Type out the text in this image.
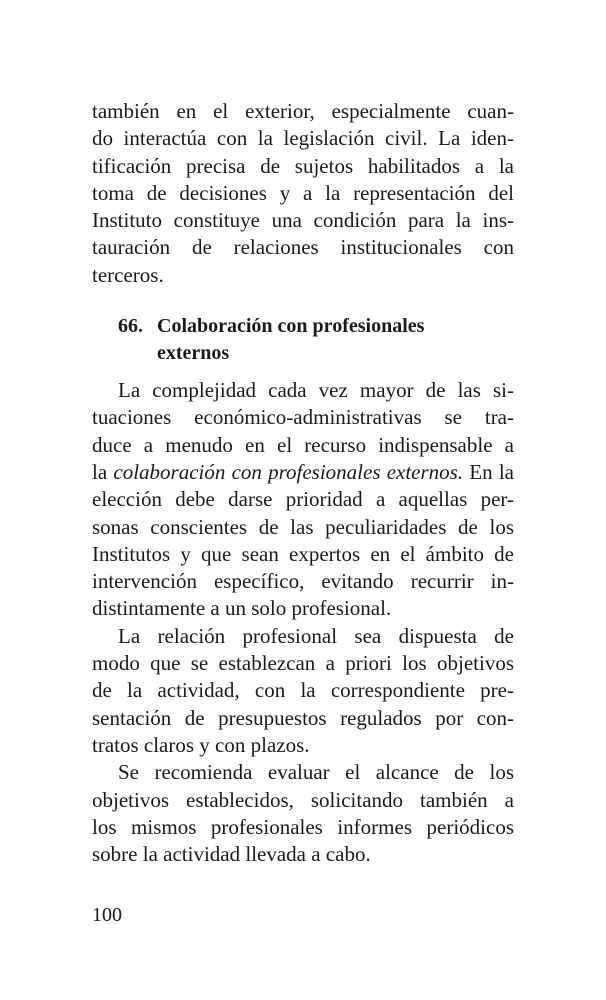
también en el exterior, especialmente cuan-
do interactúa con la legislación civil. La iden-
tificación precisa de sujetos habilitados a la
toma de decisiones y a la representación del
Instituto constituye una condición para la ins-
tauración de relaciones institucionales con
terceros.
66. Colaboración con profesionales
externos
La complejidad cada vez mayor de las si-
tuaciones económico-administrativas se tra-
duce a menudo en el recurso indispensable a
la colaboración con profesionales externos. En la
elección debe darse prioridad a aquellas per-
sonas conscientes de las peculiaridades de los
Institutos y que sean expertos en el ámbito de
intervención específico, evitando recurrir in-
distintamente a un solo profesional.
La relación profesional sea dispuesta de
modo que se establezcan a priori los objetivos
de la actividad, con la correspondiente pre-
sentación de presupuestos regulados por con-
tratos claros y con plazos.
Se recomienda evaluar el alcance de los
objetivos establecidos, solicitando también a
los mismos profesionales informes periódicos
sobre la actividad llevada a cabo.
100
